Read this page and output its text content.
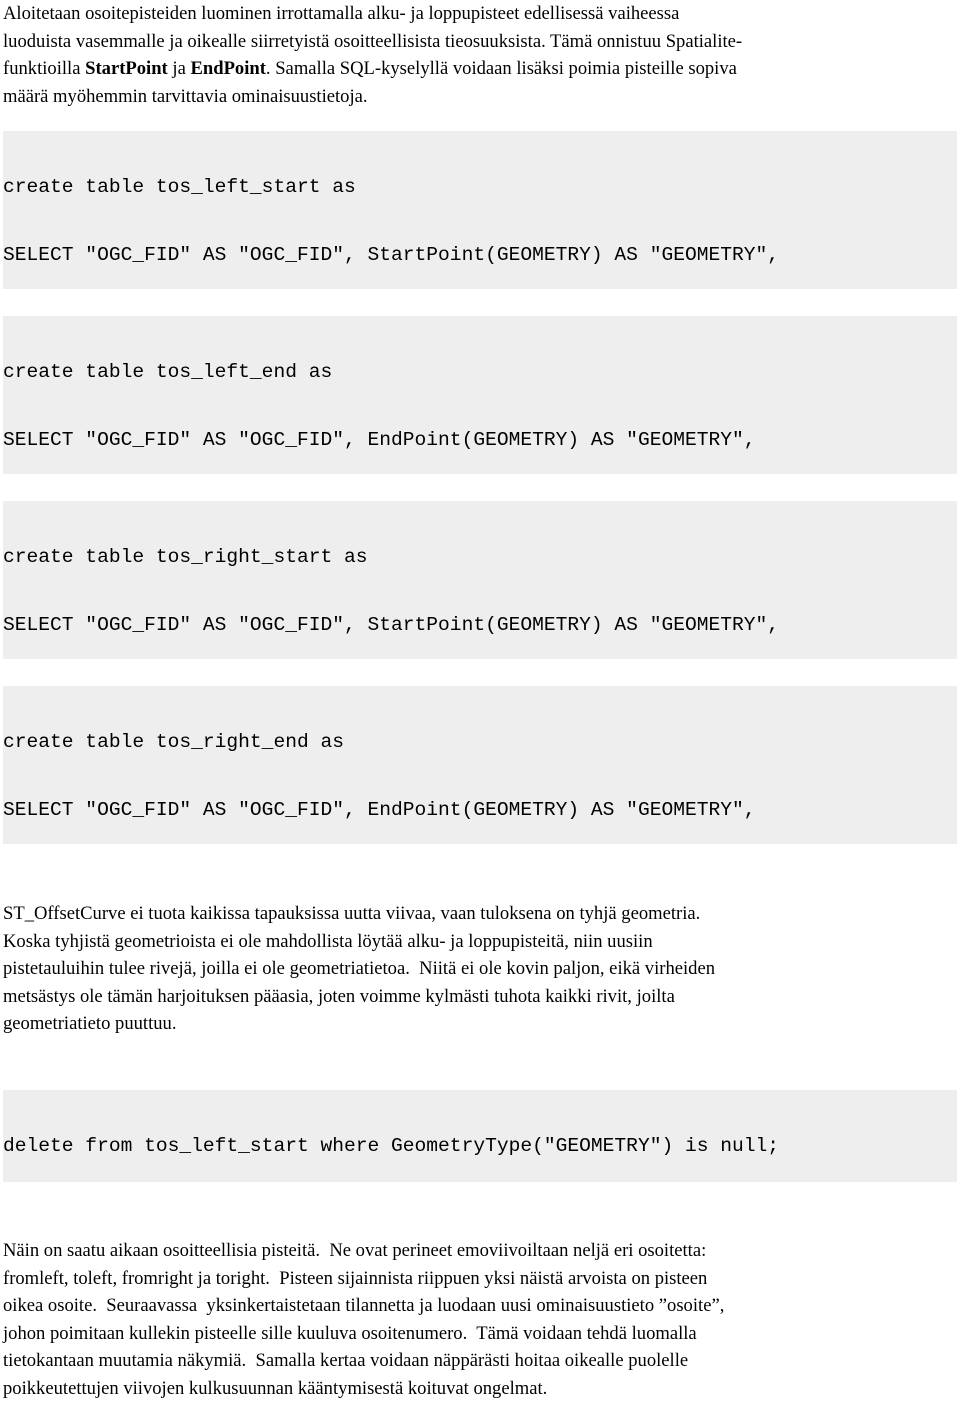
Aloitetaan osoitepisteiden luominen irrottamalla alku- ja loppupisteet edellisessä vaiheessa
luoduista vasemmalle ja oikealle siirretyistä osoitteellisista tieosuuksista. Tämä onnistuu Spatialite-
funktioilla StartPoint ja EndPoint. Samalla SQL-kyselyllä voidaan lisäksi poimia pisteille sopiva
määrä myöhemmin tarvittavia ominaisuustietoja.

create table tos_left_start as

SELECT "OGC_FID" AS "OGC_FID", StartPoint(GEOMETRY) AS "GEOMETRY",

create table tos_left_end as

SELECT "OGC_FID" AS "OGC_FID", EndPoint(GEOMETRY) AS "GEOMETRY",

create table tos_right_start as

SELECT "OGC_FID" AS "OGC_FID", StartPoint(GEOMETRY) AS "GEOMETRY",

create table tos_right_end as

SELECT "OGC_FID" AS "OGC_FID", EndPoint(GEOMETRY) AS "GEOMETRY",

ST_OffsetCurve ei tuota kaikissa tapauksissa uutta viivaa, vaan tuloksena on tyhjä geometria.
Koska tyhjistä geometrioista ei ole mahdollista löytää alku- ja loppupisteitä, niin uusiin
pistetauluihin tulee rivejä, joilla ei ole geometriatietoa.  Niitä ei ole kovin paljon, eikä virheiden
metsästys ole tämän harjoituksen pääasia, joten voimme kylmästi tuhota kaikki rivit, joilta
geometriatieto puuttuu.

delete from tos_left_start where GeometryType("GEOMETRY") is null;

Näin on saatu aikaan osoitteellisia pisteitä.  Ne ovat perineet emoviivoiltaan neljä eri osoitetta:
fromleft, toleft, fromright ja toright.  Pisteen sijainnista riippuen yksi näistä arvoista on pisteen
oikea osoite.  Seuraavassa  yksinkertaistetaan tilannetta ja luodaan uusi ominaisuustieto ”osoite”,
johon poimitaan kullekin pisteelle sille kuuluva osoitenumero.  Tämä voidaan tehdä luomalla
tietokantaan muutamia näkymiä.  Samalla kertaa voidaan näppärästi hoitaa oikealle puolelle
poikkeutettujen viivojen kulkusuunnan kääntymisestä koituvat ongelmat.
